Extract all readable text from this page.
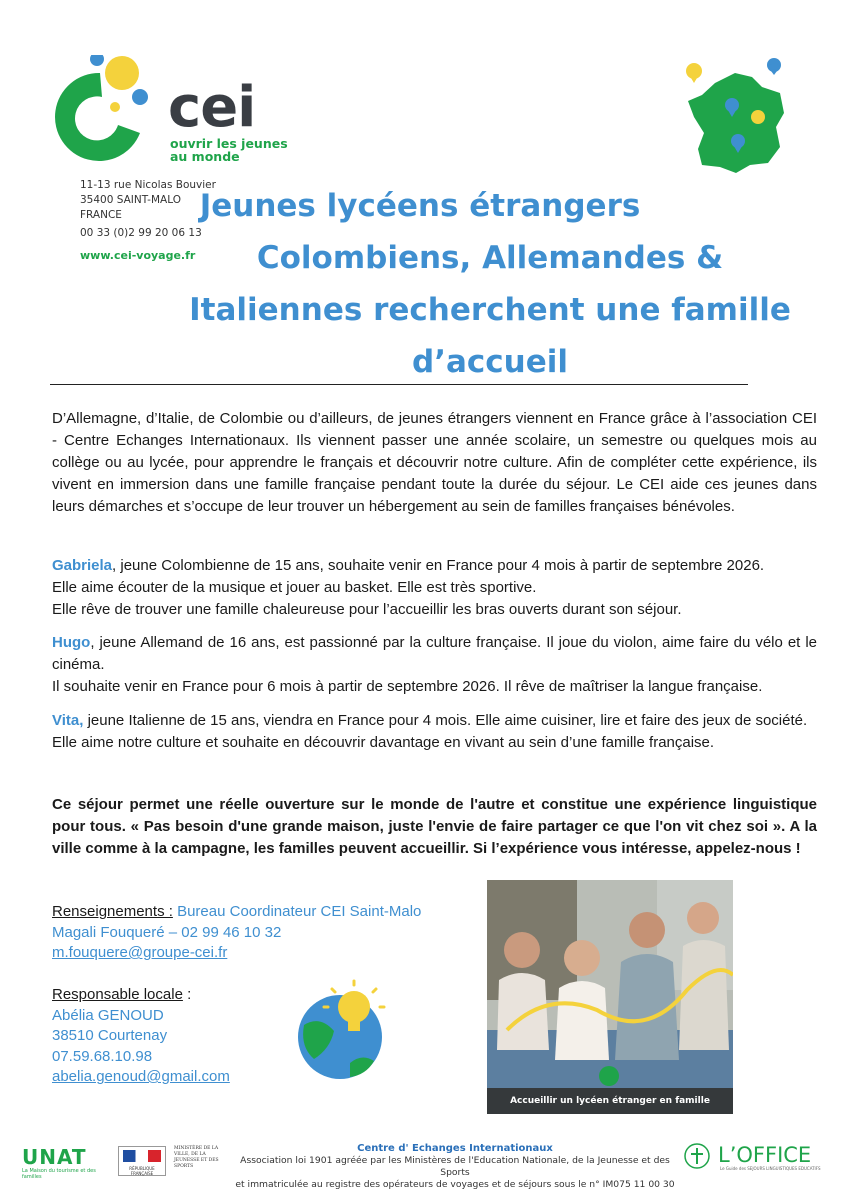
cei
ouvrir les jeunes
au monde
11-13 rue Nicolas Bouvier
35400 SAINT-MALO
FRANCE
00 33 (0)2 99 20 06 13
www.cei-voyage.fr
Jeunes lycéens étrangers
Colombiens, Allemandes &
Italiennes recherchent une famille
d’accueil
D’Allemagne, d’Italie, de Colombie ou d’ailleurs, de jeunes étrangers viennent en France grâce à l’association CEI - Centre Echanges Internationaux. Ils viennent passer une année scolaire, un semestre ou quelques mois au collège ou au lycée, pour apprendre le français et découvrir notre culture. Afin de compléter cette expérience, ils vivent en immersion dans une famille française pendant toute la durée du séjour. Le CEI aide ces jeunes dans leurs démarches et s’occupe de leur trouver un hébergement au sein de familles françaises bénévoles.
Gabriela, jeune Colombienne de 15 ans, souhaite venir en France pour 4 mois à partir de septembre 2026.
Elle aime écouter de la musique et jouer au basket. Elle est très sportive.
Elle rêve de trouver une famille chaleureuse pour l’accueillir les bras ouverts durant son séjour.
Hugo, jeune Allemand de 16 ans, est passionné par la culture française. Il joue du violon, aime faire du vélo et le cinéma.
Il souhaite venir en France pour 6 mois à partir de septembre 2026. Il rêve de maîtriser la langue française.
Vita, jeune Italienne de 15 ans, viendra en France pour 4 mois. Elle aime cuisiner, lire et faire des jeux de société.
Elle aime notre culture et souhaite en découvrir davantage en vivant au sein d’une famille française.
Ce séjour permet une réelle ouverture sur le monde de l'autre et constitue une expérience linguistique pour tous. « Pas besoin d'une grande maison, juste l'envie de faire partager ce que l'on vit chez soi ». A la ville comme à la campagne, les familles peuvent accueillir. Si l’expérience vous intéresse, appelez-nous !
Renseignements : Bureau Coordinateur CEI Saint-Malo
Magali Fouqueré – 02 99 46 10 32
m.fouquere@groupe-cei.fr
Responsable locale :
Abélia GENOUD
38510 Courtenay
07.59.68.10.98
abelia.genoud@gmail.com
Accueillir un lycéen étranger en famille
UNAT
La Maison du tourisme et des familles
RÉPUBLIQUE FRANÇAISE
MINISTÈRE DE LA VILLE, DE LA JEUNESSE ET DES SPORTS
Centre d' Echanges Internationaux
Association loi 1901 agréée par les Ministères de l'Education Nationale, de la Jeunesse et des Sports
et immatriculée au registre des opérateurs de voyages et de séjours sous le n° IM075 11 00 30
L’OFFICE
Le Guide des SEJOURS LINGUISTIQUES EDUCATIFS
